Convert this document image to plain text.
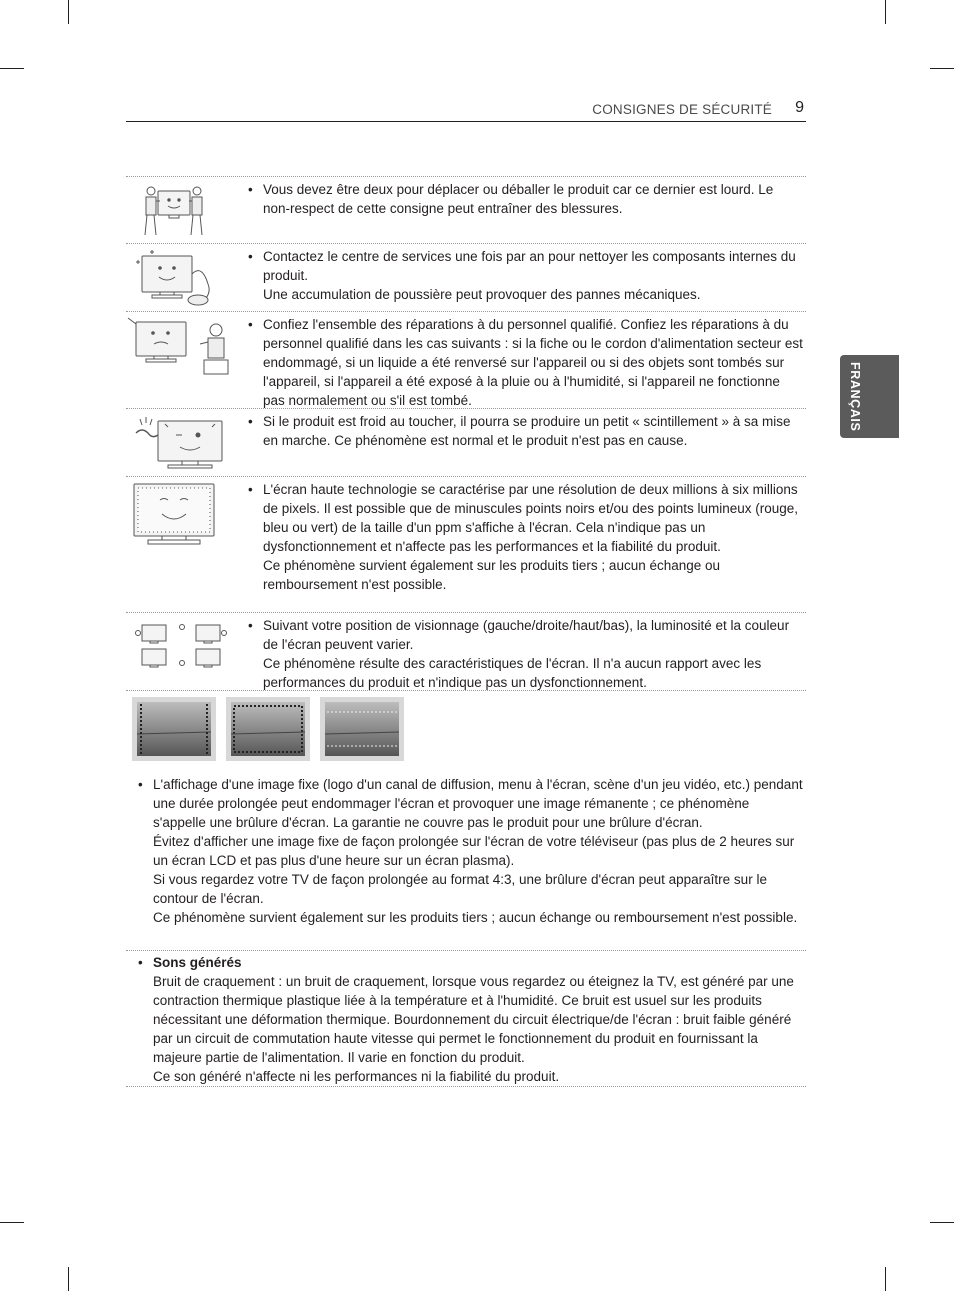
CONSIGNES DE SÉCURITÉ 9
FRANÇAIS
• Vous devez être deux pour déplacer ou déballer le produit car ce dernier est lourd. Le non-respect de cette consigne peut entraîner des blessures.

• Contactez le centre de services une fois par an pour nettoyer les composants internes du produit.

Une accumulation de poussière peut provoquer des pannes mécaniques.

• Confiez l'ensemble des réparations à du personnel qualifié. Confiez les réparations à du personnel qualifié dans les cas suivants : si la fiche ou le cordon d'alimentation secteur est endommagé, si un liquide a été renversé sur l'appareil ou si des objets sont tombés sur l'appareil, si l'appareil a été exposé à la pluie ou à l'humidité, si l'appareil ne fonctionne pas normalement ou s'il est tombé.

• Si le produit est froid au toucher, il pourra se produire un petit « scintillement » à sa mise en marche. Ce phénomène est normal et le produit n'est pas en cause.

• L'écran haute technologie se caractérise par une résolution de deux millions à six millions de pixels. Il est possible que de minuscules points noirs et/ou des points lumineux (rouge, bleu ou vert) de la taille d'un ppm s'affiche à l'écran. Cela n'indique pas un dysfonctionnement et n'affecte pas les performances et la fiabilité du produit.

Ce phénomène survient également sur les produits tiers ; aucun échange ou remboursement n'est possible.

• Suivant votre position de visionnage (gauche/droite/haut/bas), la luminosité et la couleur de l'écran peuvent varier.

Ce phénomène résulte des caractéristiques de l'écran. Il n'a aucun rapport avec les performances du produit et n'indique pas un dysfonctionnement.

• L'affichage d'une image fixe (logo d'un canal de diffusion, menu à l'écran, scène d'un jeu vidéo, etc.) pendant une durée prolongée peut endommager l'écran et provoquer une image rémanente ; ce phénomène s'appelle une brûlure d'écran. La garantie ne couvre pas le produit pour une brûlure d'écran.

Évitez d'afficher une image fixe de façon prolongée sur l'écran de votre téléviseur (pas plus de 2 heures sur un écran LCD et pas plus d'une heure sur un écran plasma).

Si vous regardez votre TV de façon prolongée au format 4:3, une brûlure d'écran peut apparaître sur le contour de l'écran.

Ce phénomène survient également sur les produits tiers ; aucun échange ou remboursement n'est possible.

• Sons générés

Bruit de craquement : un bruit de craquement, lorsque vous regardez ou éteignez la TV, est généré par une contraction thermique plastique liée à la température et à l'humidité. Ce bruit est usuel sur les produits nécessitant une déformation thermique. Bourdonnement du circuit électrique/de l'écran : bruit faible généré par un circuit de commutation haute vitesse qui permet le fonctionnement du produit en fournissant la majeure partie de l'alimentation. Il varie en fonction du produit.

Ce son généré n'affecte ni les performances ni la fiabilité du produit.
